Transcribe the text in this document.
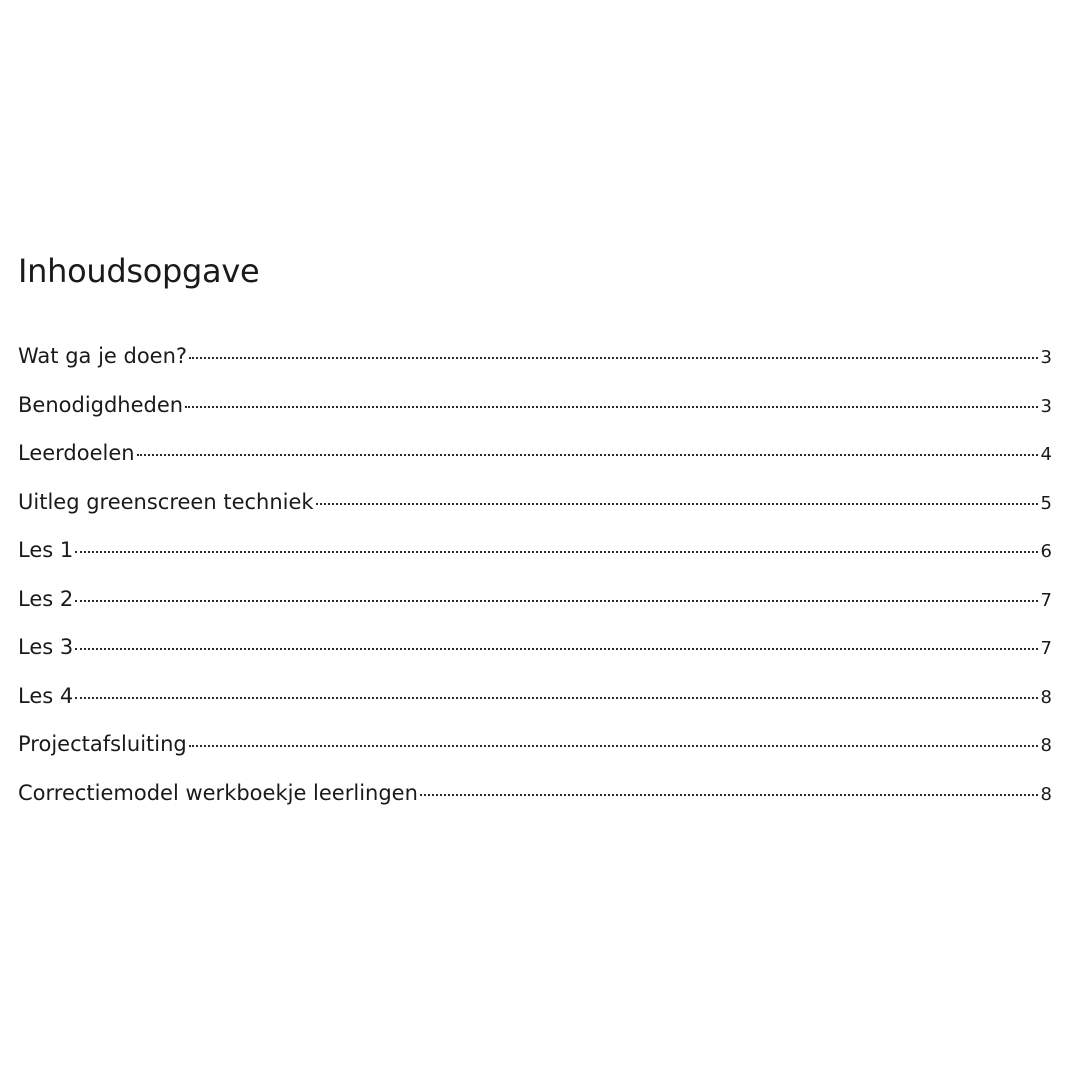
Inhoudsopgave
Wat ga je doen?	3
Benodigdheden	3
Leerdoelen	4
Uitleg greenscreen techniek	5
Les 1	6
Les 2	7
Les 3	7
Les 4	8
Projectafsluiting	8
Correctiemodel werkboekje leerlingen	8
